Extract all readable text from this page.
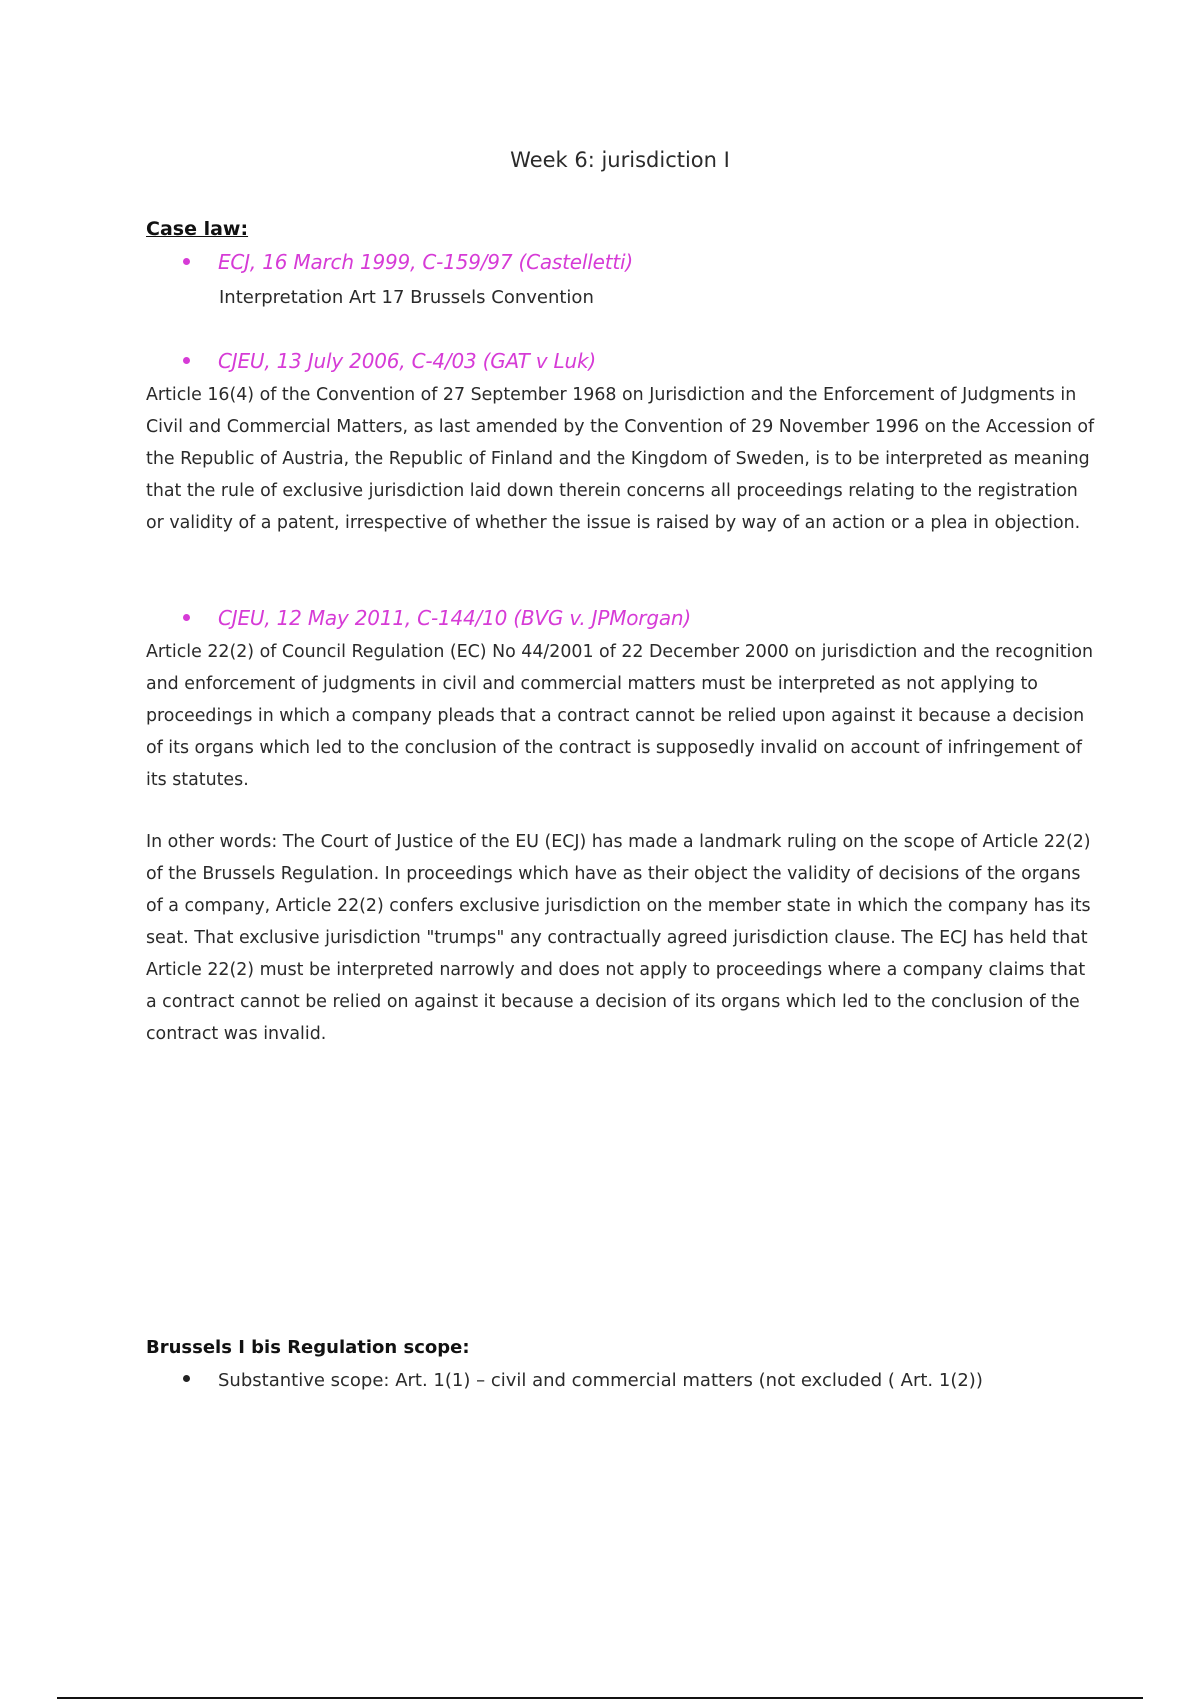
Week 6: jurisdiction I
Case law:
ECJ, 16 March 1999, C-159/97 (Castelletti)
Interpretation Art 17 Brussels Convention
CJEU, 13 July 2006, C-4/03 (GAT v Luk)

Article 16(4) of the Convention of 27 September 1968 on Jurisdiction and the Enforcement of Judgments in Civil and Commercial Matters, as last amended by the Convention of 29 November 1996 on the Accession of the Republic of Austria, the Republic of Finland and the Kingdom of Sweden, is to be interpreted as meaning that the rule of exclusive jurisdiction laid down therein concerns all proceedings relating to the registration or validity of a patent, irrespective of whether the issue is raised by way of an action or a plea in objection.

CJEU, 12 May 2011, C-144/10 (BVG v. JPMorgan)

Article 22(2) of Council Regulation (EC) No 44/2001 of 22 December 2000 on jurisdiction and the recognition and enforcement of judgments in civil and commercial matters must be interpreted as not applying to proceedings in which a company pleads that a contract cannot be relied upon against it because a decision of its organs which led to the conclusion of the contract is supposedly invalid on account of infringement of its statutes.

In other words: The Court of Justice of the EU (ECJ) has made a landmark ruling on the scope of Article 22(2) of the Brussels Regulation. In proceedings which have as their object the validity of decisions of the organs of a company, Article 22(2) confers exclusive jurisdiction on the member state in which the company has its seat. That exclusive jurisdiction "trumps" any contractually agreed jurisdiction clause. The ECJ has held that Article 22(2) must be interpreted narrowly and does not apply to proceedings where a company claims that a contract cannot be relied on against it because a decision of its organs which led to the conclusion of the contract was invalid.

Brussels I bis Regulation scope:
Substantive scope: Art. 1(1) – civil and commercial matters (not excluded ( Art. 1(2))
